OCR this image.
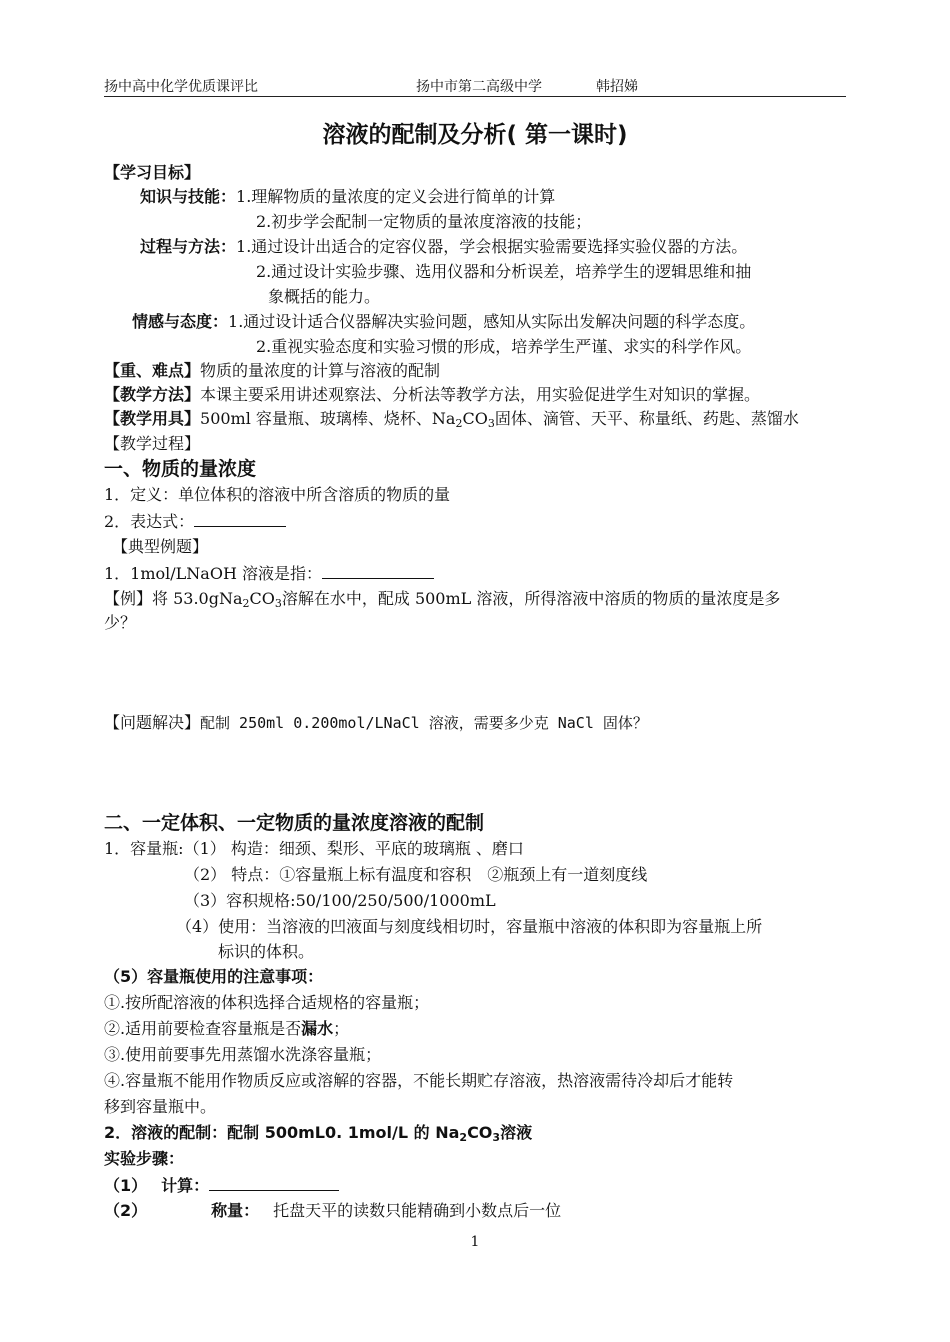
扬中高中化学优质课评比	扬中市第二高级中学	韩招娣
溶液的配制及分析( 第一课时)
【学习目标】
知识与技能：1.理解物质的量浓度的定义会进行简单的计算
2.初步学会配制一定物质的量浓度溶液的技能；
过程与方法：1.通过设计出适合的定容仪器，学会根据实验需要选择实验仪器的方法。
2.通过设计实验步骤、选用仪器和分析误差，培养学生的逻辑思维和抽
象概括的能力。
情感与态度：1.通过设计适合仪器解决实验问题，感知从实际出发解决问题的科学态度。
2.重视实验态度和实验习惯的形成，培养学生严谨、求实的科学作风。
【重、难点】物质的量浓度的计算与溶液的配制
【教学方法】本课主要采用讲述观察法、分析法等教学方法，用实验促进学生对知识的掌握。
【教学用具】500ml 容量瓶、玻璃棒、烧杯、$Na_2CO_3$固体、滴管、天平、称量纸、药匙、蒸馏水
【教学过程】
一、物质的量浓度
1．定义：单位体积的溶液中所含溶质的物质的量
2．表达式：
【典型例题】
1．1mol/LNaOH 溶液是指：
【例】将 $53.0gNa_2CO_3$溶解在水中，配成 500mL 溶液，所得溶液中溶质的物质的量浓度是多
少？
【问题解决】配制 250ml 0.200mol/LNaCl 溶液，需要多少克 NaCl 固体？
二、一定体积、一定物质的量浓度溶液的配制
1．容量瓶:（1） 构造：细颈、梨形、平底的玻璃瓶 、磨口
（2） 特点：①容量瓶上标有温度和容积　②瓶颈上有一道刻度线
（3）容积规格:50/100/250/500/1000mL
（4）使用：当溶液的凹液面与刻度线相切时，容量瓶中溶液的体积即为容量瓶上所
标识的体积。
（5）容量瓶使用的注意事项：
①.按所配溶液的体积选择合适规格的容量瓶；
②.适用前要检查容量瓶是否漏水；
③.使用前要事先用蒸馏水洗涤容量瓶；
④.容量瓶不能用作物质反应或溶解的容器，不能长期贮存溶液，热溶液需待冷却后才能转
移到容量瓶中。
2．溶液的配制：配制 500mL0. 1mol/L 的 $Na_2CO_3$溶液
实验步骤：
（1） 计算：
（2）	称量： 托盘天平的读数只能精确到小数点后一位
1
